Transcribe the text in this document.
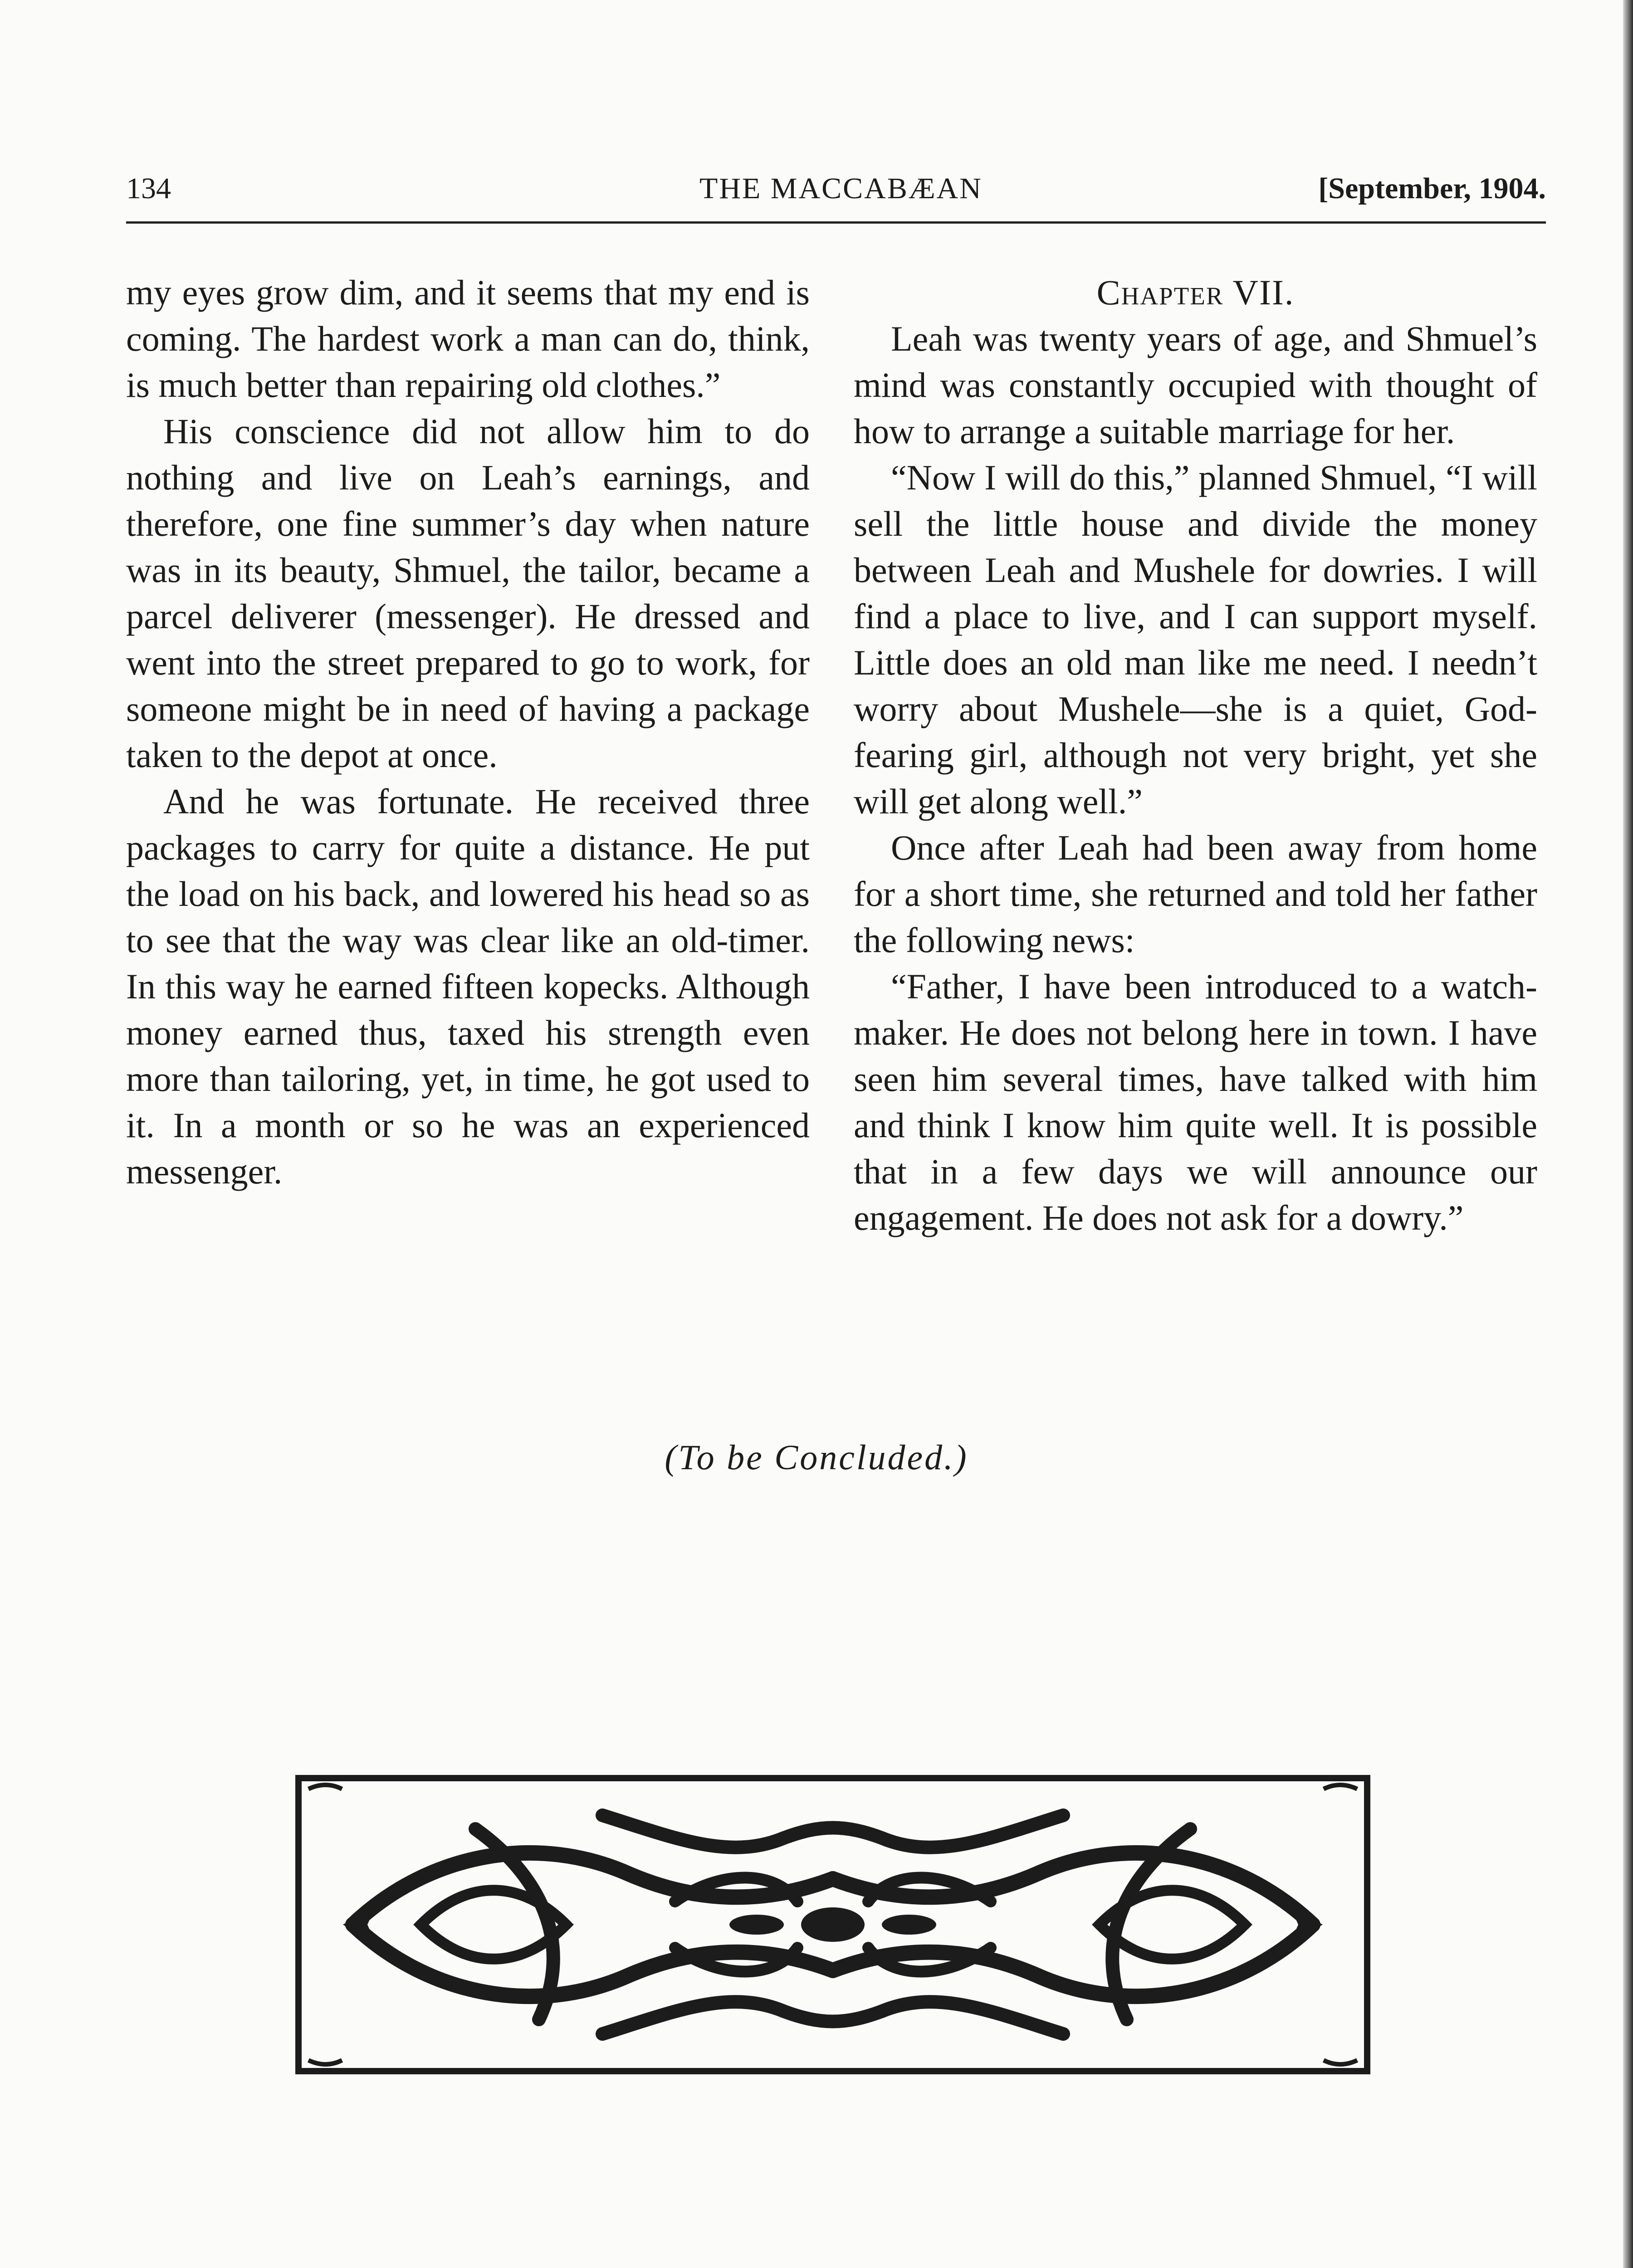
134	THE MACCABÆAN	[September, 1904.

my eyes grow dim, and it seems that my end is coming. The hardest work a man can do, think, is much better than repairing old clothes.”

His conscience did not allow him to do nothing and live on Leah’s earnings, and therefore, one fine summer’s day when nature was in its beauty, Shmuel, the tailor, became a parcel deliverer (messenger). He dressed and went into the street prepared to go to work, for someone might be in need of having a package taken to the depot at once.

And he was fortunate. He received three packages to carry for quite a distance. He put the load on his back, and lowered his head so as to see that the way was clear like an old-timer. In this way he earned fifteen kopecks. Although money earned thus, taxed his strength even more than tailoring, yet, in time, he got used to it. In a month or so he was an experienced messenger.

Chapter VII.

Leah was twenty years of age, and Shmuel’s mind was constantly occupied with thought of how to arrange a suitable marriage for her.

“Now I will do this,” planned Shmuel, “I will sell the little house and divide the money between Leah and Mushele for dowries. I will find a place to live, and I can support myself. Little does an old man like me need. I needn’t worry about Mushele—she is a quiet, God-fearing girl, although not very bright, yet she will get along well.”

Once after Leah had been away from home for a short time, she returned and told her father the following news:

“Father, I have been introduced to a watch-maker. He does not belong here in town. I have seen him several times, have talked with him and think I know him quite well. It is possible that in a few days we will announce our engagement. He does not ask for a dowry.”

(To be Concluded.)
